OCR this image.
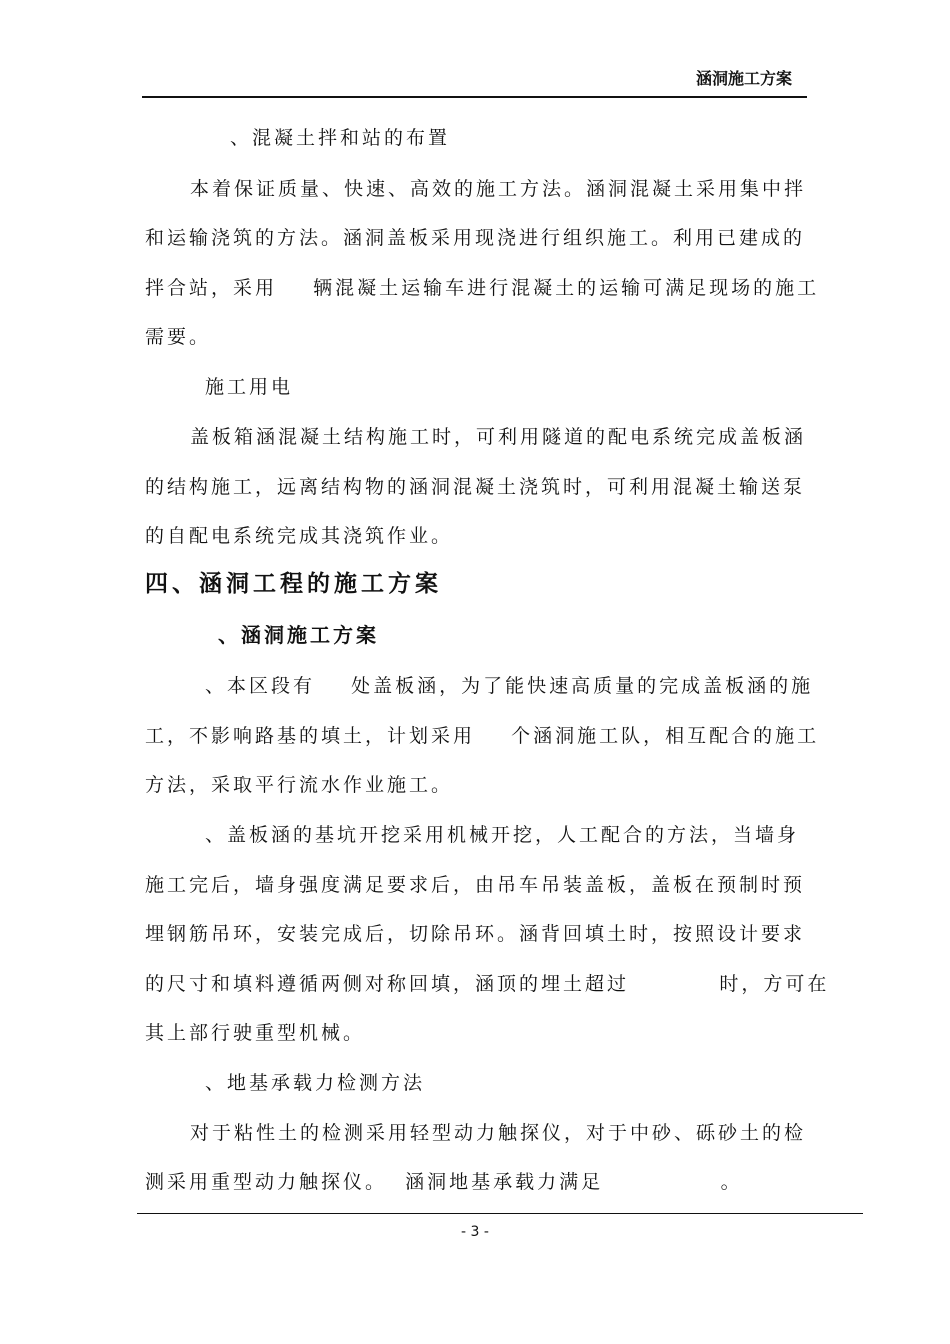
涵洞施工方案
、混凝土拌和站的布置
本着保证质量、快速、高效的施工方法。涵洞混凝土采用集中拌
和运输浇筑的方法。涵洞盖板采用现浇进行组织施工。利用已建成的
拌合站，采用    辆混凝土运输车进行混凝土的运输可满足现场的施工
需要。
施工用电
盖板箱涵混凝土结构施工时，可利用隧道的配电系统完成盖板涵
的结构施工，远离结构物的涵洞混凝土浇筑时，可利用混凝土输送泵
的自配电系统完成其浇筑作业。
四、涵洞工程的施工方案
、涵洞施工方案
、本区段有    处盖板涵，为了能快速高质量的完成盖板涵的施
工，不影响路基的填土，计划采用    个涵洞施工队，相互配合的施工
方法，采取平行流水作业施工。
、盖板涵的基坑开挖采用机械开挖，人工配合的方法，当墙身
施工完后，墙身强度满足要求后，由吊车吊装盖板，盖板在预制时预
埋钢筋吊环，安装完成后，切除吊环。涵背回填土时，按照设计要求
的尺寸和填料遵循两侧对称回填，涵顶的埋土超过          时，方可在
其上部行驶重型机械。
、地基承载力检测方法
对于粘性土的检测采用轻型动力触探仪，对于中砂、砾砂土的检
测采用重型动力触探仪。  涵洞地基承载力满足             。
- 3 -
